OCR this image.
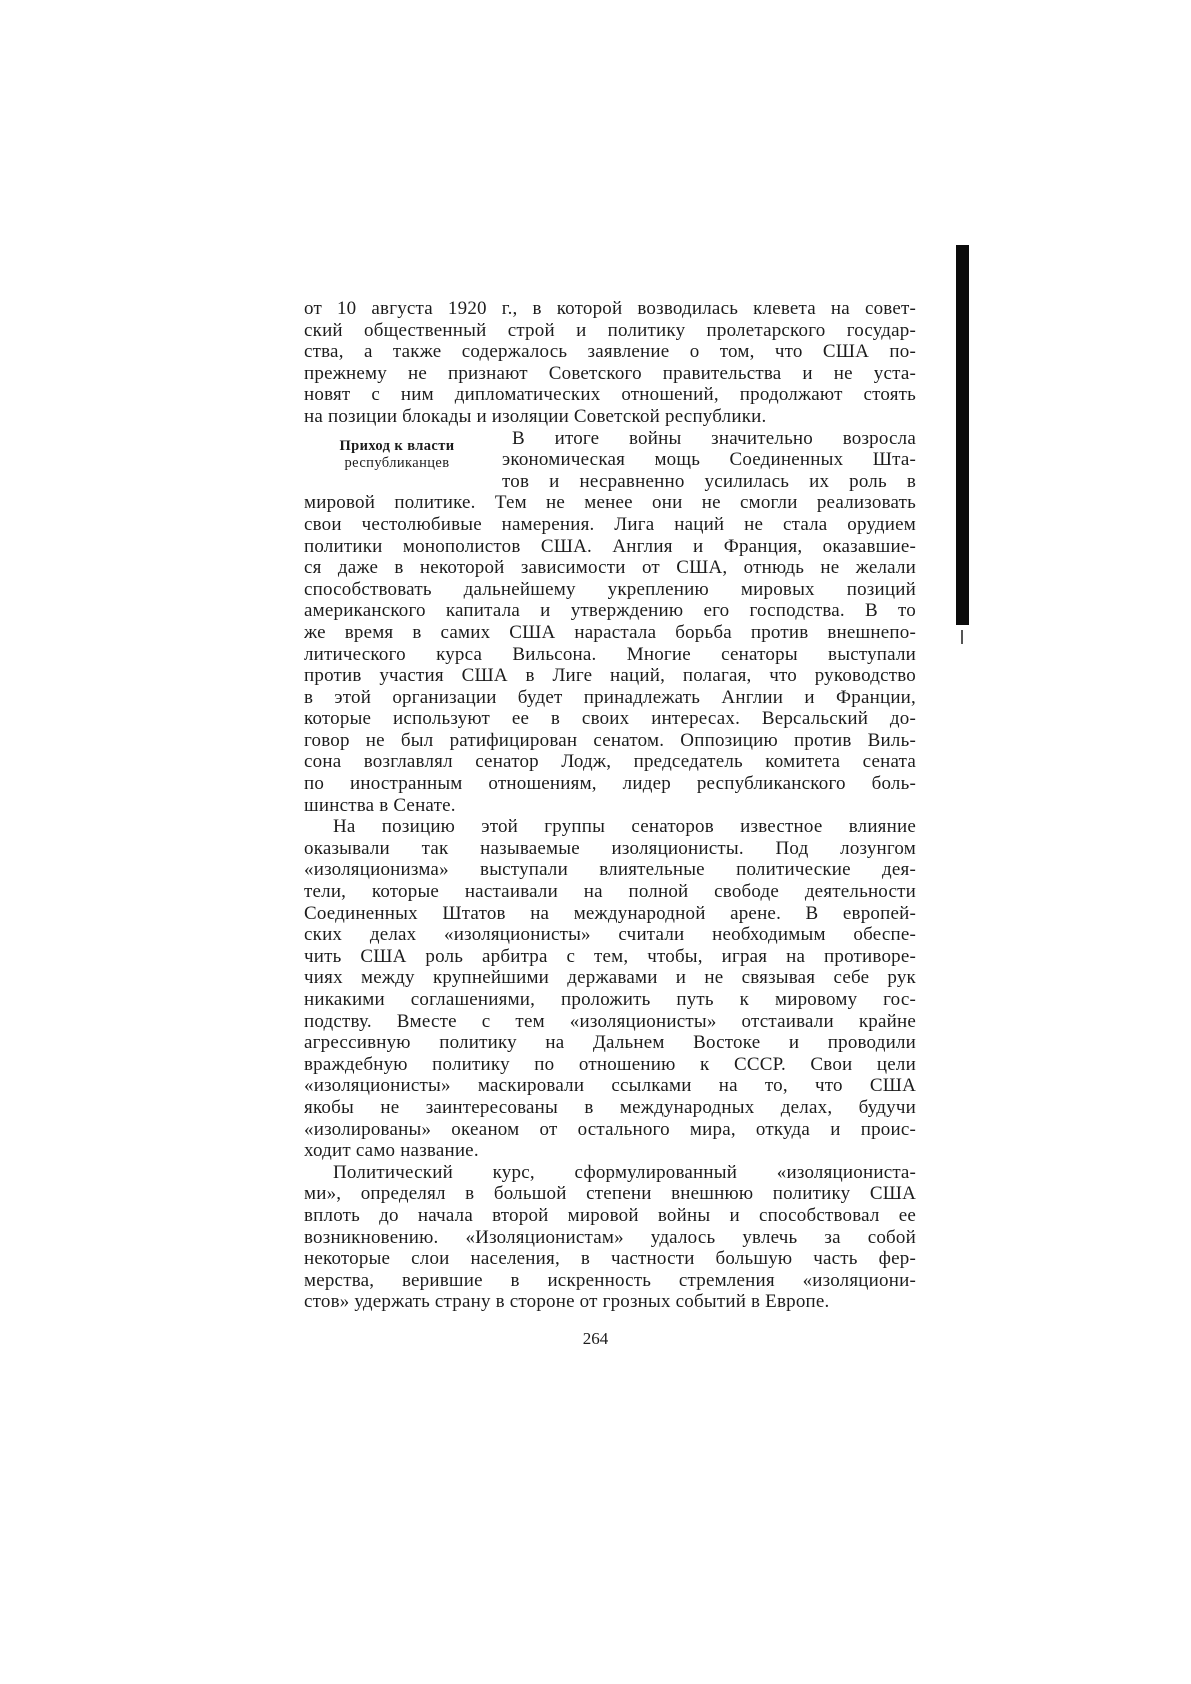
от 10 августа 1920 г., в которой возводилась клевета на совет-
ский общественный строй и политику пролетарского государ-
ства, а также содержалось заявление о том, что США по-
прежнему не признают Советского правительства и не уста-
новят с ним дипломатических отношений, продолжают стоять
на позиции блокады и изоляции Советской республики.

Приход к власти
республиканцев
В итоге войны значительно возросла
экономическая мощь Соединенных Шта-
тов и несравненно усилилась их роль в
мировой политике. Тем не менее они не смогли реализовать
свои честолюбивые намерения. Лига наций не стала орудием
политики монополистов США. Англия и Франция, оказавшие-
ся даже в некоторой зависимости от США, отнюдь не желали
способствовать дальнейшему укреплению мировых позиций
американского капитала и утверждению его господства. В то
же время в самих США нарастала борьба против внешнепо-
литического курса Вильсона. Многие сенаторы выступали
против участия США в Лиге наций, полагая, что руководство
в этой организации будет принадлежать Англии и Франции,
которые используют ее в своих интересах. Версальский до-
говор не был ратифицирован сенатом. Оппозицию против Виль-
сона возглавлял сенатор Лодж, председатель комитета сената
по иностранным отношениям, лидер республиканского боль-
шинства в Сенате.

На позицию этой группы сенаторов известное влияние
оказывали так называемые изоляционисты. Под лозунгом
«изоляционизма» выступали влиятельные политические дея-
тели, которые настаивали на полной свободе деятельности
Соединенных Штатов на международной арене. В европей-
ских делах «изоляционисты» считали необходимым обеспе-
чить США роль арбитра с тем, чтобы, играя на противоре-
чиях между крупнейшими державами и не связывая себе рук
никакими соглашениями, проложить путь к мировому гос-
подству. Вместе с тем «изоляционисты» отстаивали крайне
агрессивную политику на Дальнем Востоке и проводили
враждебную политику по отношению к СССР. Свои цели
«изоляционисты» маскировали ссылками на то, что США
якобы не заинтересованы в международных делах, будучи
«изолированы» океаном от остального мира, откуда и проис-
ходит само название.

Политический курс, сформулированный «изоляционистa-
ми», определял в большой степени внешнюю политику США
вплоть до начала второй мировой войны и способствовал ее
возникновению. «Изоляционистам» удалось увлечь за собой
некоторые слои населения, в частности большую часть фер-
мерства, верившие в искренность стремления «изоляциони-
стов» удержать страну в стороне от грозных событий в Европе.

264
